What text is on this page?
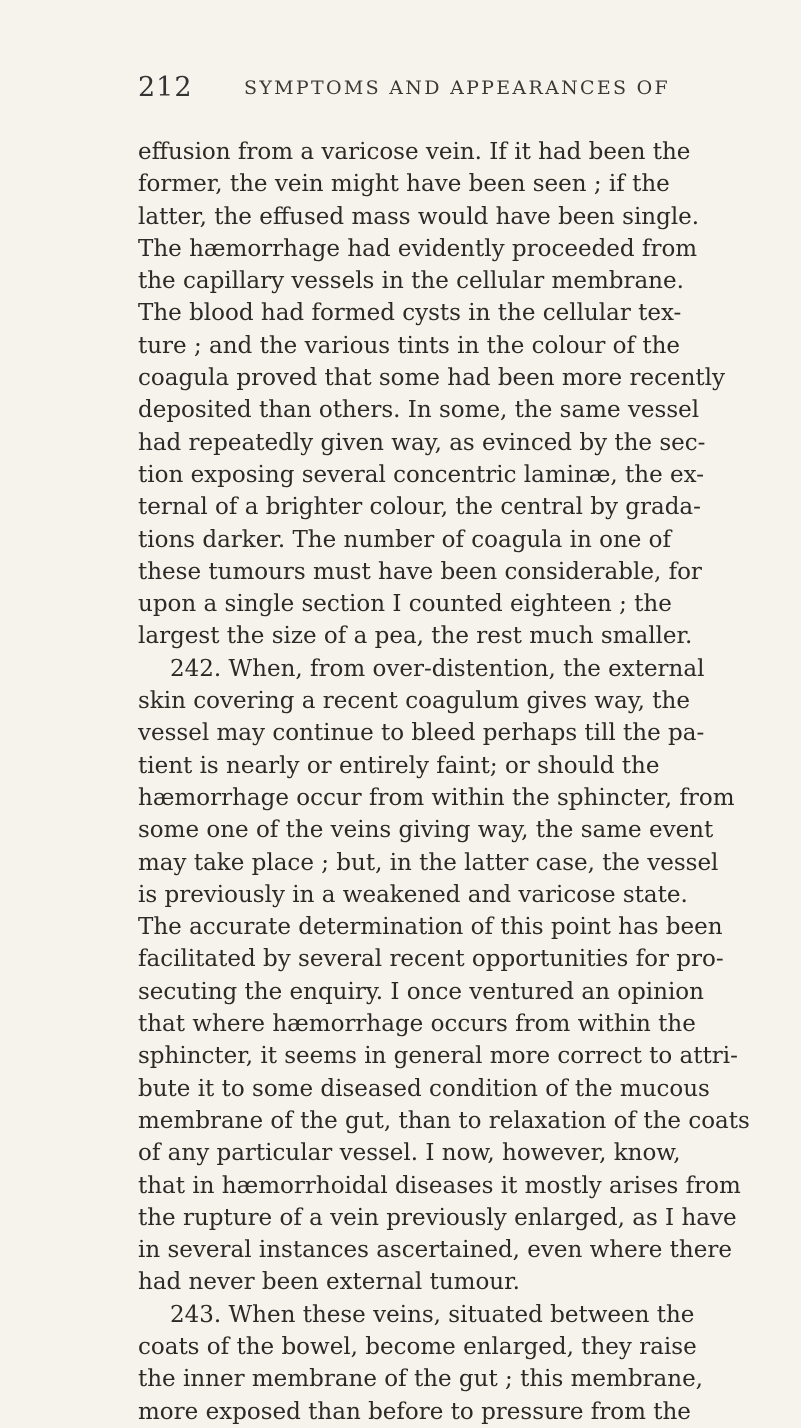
212	SYMPTOMS AND APPEARANCES OF
effusion from a varicose vein. If it had been the
former, the vein might have been seen ; if the
latter, the effused mass would have been single.
The hæmorrhage had evidently proceeded from
the capillary vessels in the cellular membrane.
The blood had formed cysts in the cellular tex-
ture ; and the various tints in the colour of the
coagula proved that some had been more recently
deposited than others. In some, the same vessel
had repeatedly given way, as evinced by the sec-
tion exposing several concentric laminæ, the ex-
ternal of a brighter colour, the central by grada-
tions darker. The number of coagula in one of
these tumours must have been considerable, for
upon a single section I counted eighteen ; the
largest the size of a pea, the rest much smaller.
242. When, from over-distention, the external
skin covering a recent coagulum gives way, the
vessel may continue to bleed perhaps till the pa-
tient is nearly or entirely faint; or should the
hæmorrhage occur from within the sphincter, from
some one of the veins giving way, the same event
may take place ; but, in the latter case, the vessel
is previously in a weakened and varicose state.
The accurate determination of this point has been
facilitated by several recent opportunities for pro-
secuting the enquiry. I once ventured an opinion
that where hæmorrhage occurs from within the
sphincter, it seems in general more correct to attri-
bute it to some diseased condition of the mucous
membrane of the gut, than to relaxation of the coats
of any particular vessel. I now, however, know,
that in hæmorrhoidal diseases it mostly arises from
the rupture of a vein previously enlarged, as I have
in several instances ascertained, even where there
had never been external tumour.
243. When these veins, situated between the
coats of the bowel, become enlarged, they raise
the inner membrane of the gut ; this membrane,
more exposed than before to pressure from the
